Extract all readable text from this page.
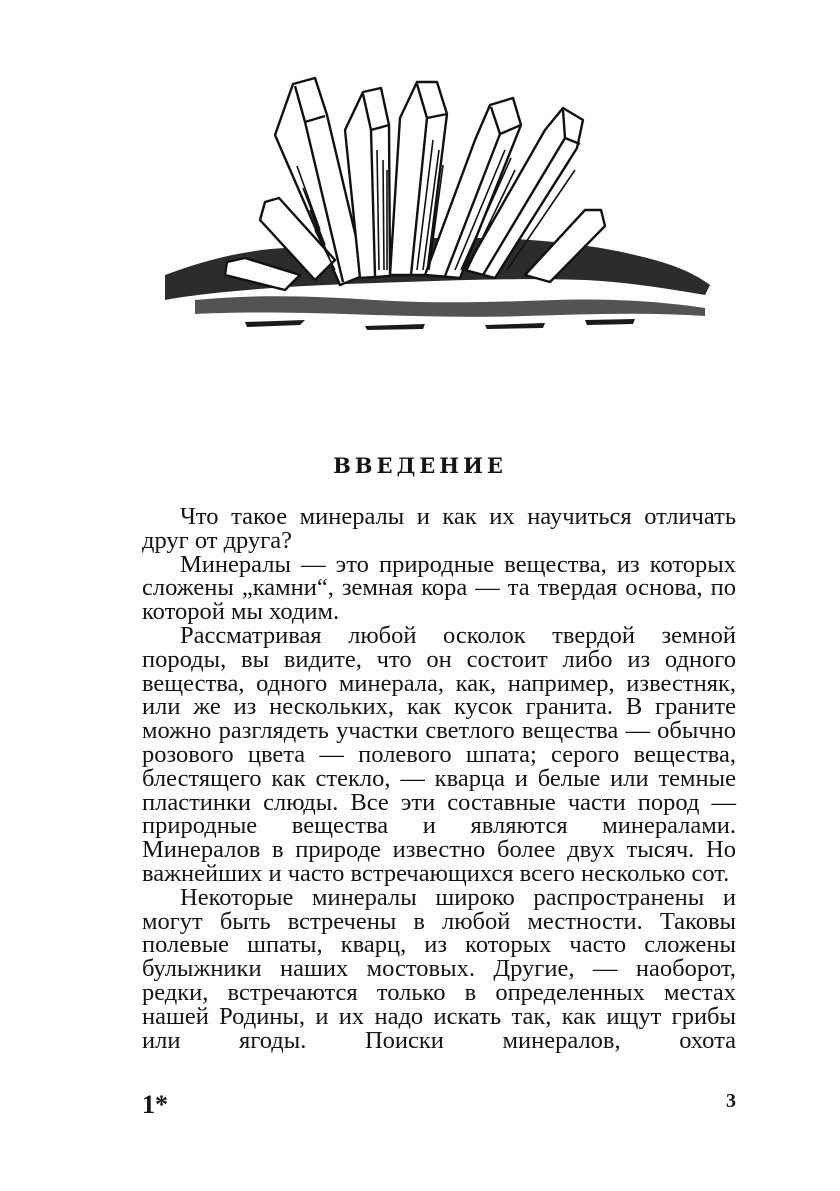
ВВЕДЕНИЕ

Что такое минералы и как их научиться отличать друг от друга?

Минералы — это природные вещества, из которых сложены „камни“, земная кора — та твердая основа, по которой мы ходим.

Рассматривая любой осколок твердой земной породы, вы видите, что он состоит либо из одного вещества, одного минерала, как, например, известняк, или же из нескольких, как кусок гранита. В граните можно разглядеть участки светлого вещества — обычно розового цвета — полевого шпата; серого вещества, блестящего как стекло, — кварца и белые или темные пластинки слюды. Все эти составные части пород — природные вещества и являются минералами. Минералов в природе известно более двух тысяч. Но важнейших и часто встречающихся всего несколько сот.

Некоторые минералы широко распространены и могут быть встречены в любой местности. Таковы полевые шпаты, кварц, из которых часто сложены булыжники наших мостовых. Другие, — наоборот, редки, встречаются только в определенных местах нашей Родины, и их надо искать так, как ищут грибы или ягоды. Поиски минералов, охота

1*	3
